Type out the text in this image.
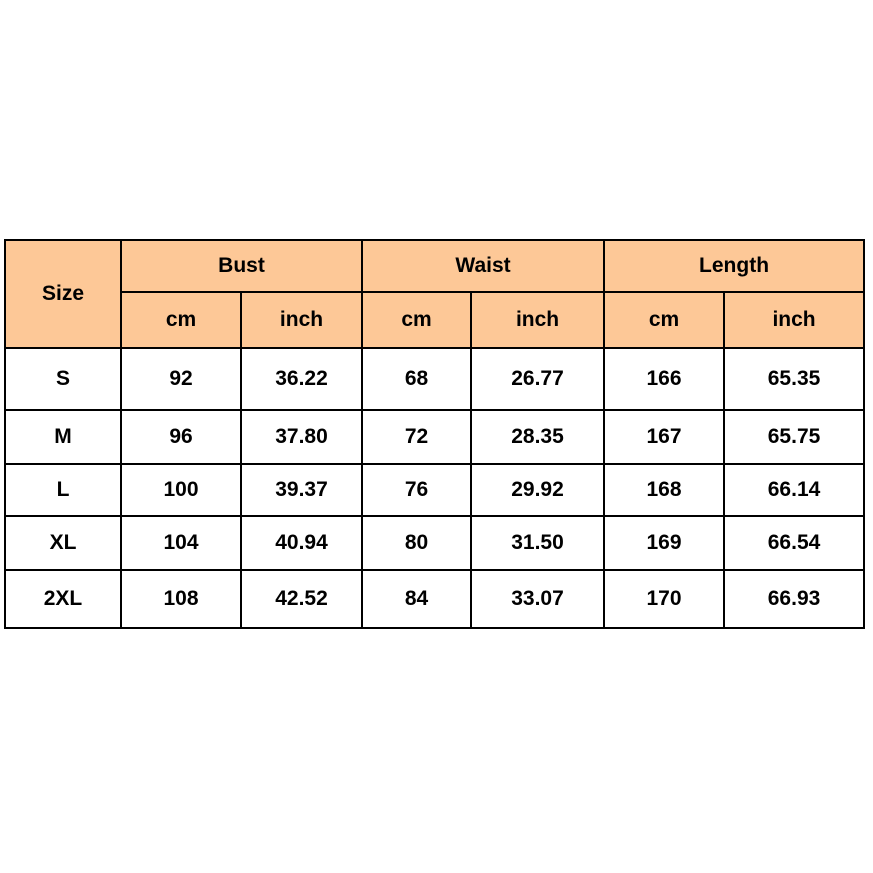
Size	Bust		Waist		Length	
	cm	inch	cm	inch	cm	inch
S	92	36.22	68	26.77	166	65.35
M	96	37.80	72	28.35	167	65.75
L	100	39.37	76	29.92	168	66.14
XL	104	40.94	80	31.50	169	66.54
2XL	108	42.52	84	33.07	170	66.93
